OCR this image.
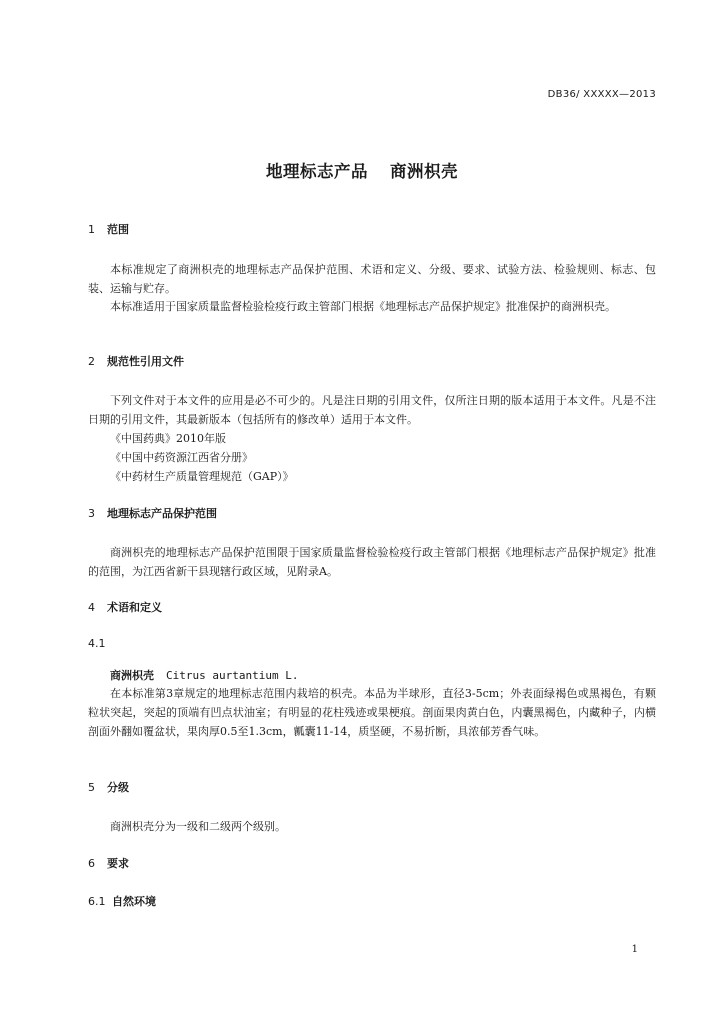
DB36/ XXXXX—2013
地理标志产品 商洲枳壳
1 范围
本标准规定了商洲枳壳的地理标志产品保护范围、术语和定义、分级、要求、试验方法、检验规则、标志、包装、运输与贮存。
本标准适用于国家质量监督检验检疫行政主管部门根据《地理标志产品保护规定》批准保护的商洲枳壳。
2 规范性引用文件
下列文件对于本文件的应用是必不可少的。凡是注日期的引用文件，仅所注日期的版本适用于本文件。凡是不注日期的引用文件，其最新版本（包括所有的修改单）适用于本文件。
《中国药典》2010年版
《中国中药资源江西省分册》
《中药材生产质量管理规范（GAP）》
3 地理标志产品保护范围
商洲枳壳的地理标志产品保护范围限于国家质量监督检验检疫行政主管部门根据《地理标志产品保护规定》批准的范围，为江西省新干县现辖行政区域，见附录A。
4 术语和定义
4.1
商洲枳壳 Citrus aurtantium L.
在本标准第3章规定的地理标志范围内栽培的枳壳。本品为半球形，直径3-5cm；外表面绿褐色或黑褐色，有颗粒状突起，突起的顶端有凹点状油室；有明显的花柱残迹或果梗痕。剖面果肉黄白色，内囊黑褐色，内藏种子，内横剖面外翻如覆盆状，果肉厚0.5至1.3cm，瓤囊11-14，质坚硬，不易折断，具浓郁芳香气味。
5 分级
商洲枳壳分为一级和二级两个级别。
6 要求
6.1 自然环境
1
